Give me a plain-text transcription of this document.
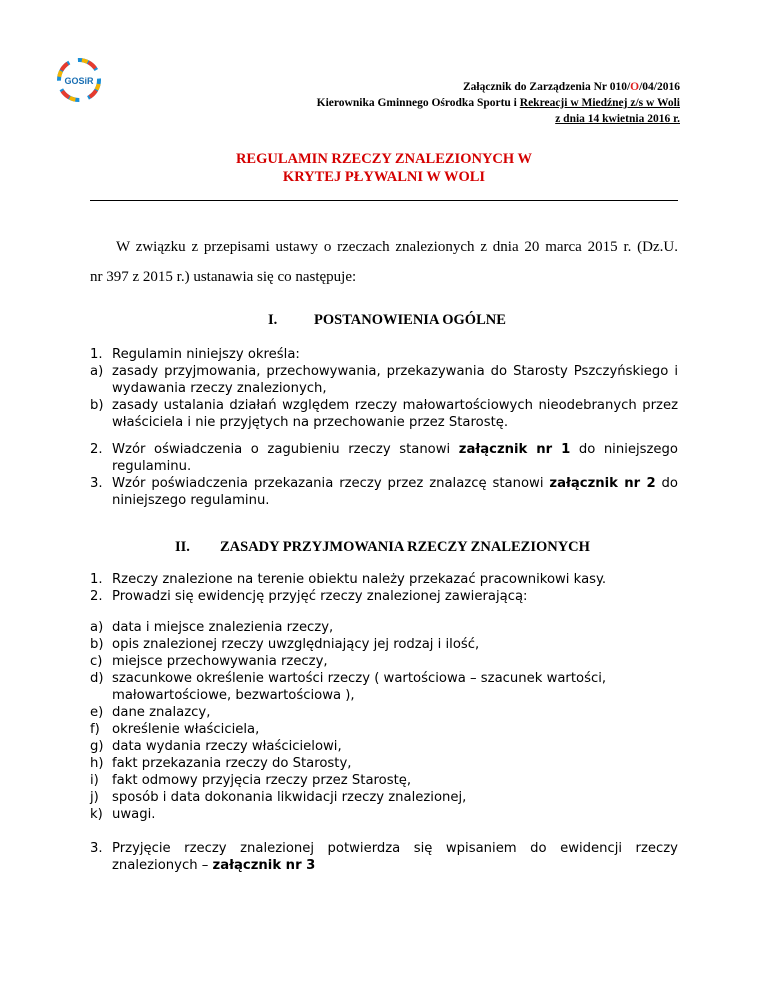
GOSiR	Załącznik do Zarządzenia Nr 010/O/04/2016
Kierownika Gminnego Ośrodka Sportu i Rekreacji w Miedźnej z/s w Woli
z dnia 14 kwietnia 2016 r.
REGULAMIN RZECZY ZNALEZIONYCH W
KRYTEJ PŁYWALNI W WOLI
W związku z przepisami ustawy o rzeczach znalezionych z dnia 20 marca 2015 r. (Dz.U.
nr 397 z 2015 r.) ustanawia się co następuje:
I.	POSTANOWIENIA OGÓLNE
1. Regulamin niniejszy określa:
a) zasady przyjmowania, przechowywania, przekazywania do Starosty Pszczyńskiego i
wydawania rzeczy znalezionych,
b) zasady ustalania działań względem rzeczy małowartościowych nieodebranych przez
właściciela i nie przyjętych na przechowanie przez Starostę.
2. Wzór oświadczenia o zagubieniu rzeczy stanowi załącznik nr 1 do niniejszego
regulaminu.
3. Wzór poświadczenia przekazania rzeczy przez znalazcę stanowi załącznik nr 2 do
niniejszego regulaminu.
II. ZASADY PRZYJMOWANIA RZECZY ZNALEZIONYCH
1. Rzeczy znalezione na terenie obiektu należy przekazać pracownikowi kasy.
2. Prowadzi się ewidencję przyjęć rzeczy znalezionej zawierającą:
a) data i miejsce znalezienia rzeczy,
b) opis znalezionej rzeczy uwzględniający jej rodzaj i ilość,
c) miejsce przechowywania rzeczy,
d) szacunkowe określenie wartości rzeczy ( wartościowa – szacunek wartości,
małowartościowe, bezwartościowa ),
e) dane znalazcy,
f) określenie właściciela,
g) data wydania rzeczy właścicielowi,
h) fakt przekazania rzeczy do Starosty,
i) fakt odmowy przyjęcia rzeczy przez Starostę,
j) sposób i data dokonania likwidacji rzeczy znalezionej,
k) uwagi.
3. Przyjęcie rzeczy znalezionej potwierdza się wpisaniem do ewidencji rzeczy
znalezionych – załącznik nr 3
